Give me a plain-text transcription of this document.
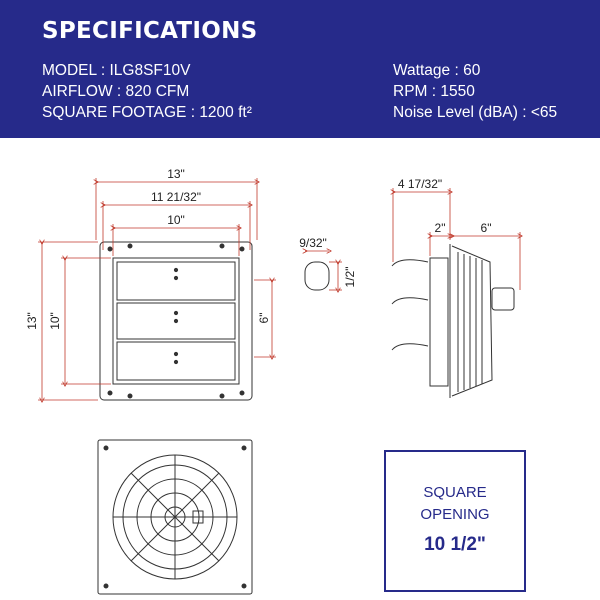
SPECIFICATIONS
MODEL : ILG8SF10V
AIRFLOW : 820 CFM
SQUARE FOOTAGE : 1200 ft²
Wattage : 60
RPM : 1550
Noise Level (dBA) : <65
13"
11 21/32"
10"
13" 10"	6"
9/32"
1/2"
4 17/32"
2"	6"
SQUARE
OPENING
10 1/2"
